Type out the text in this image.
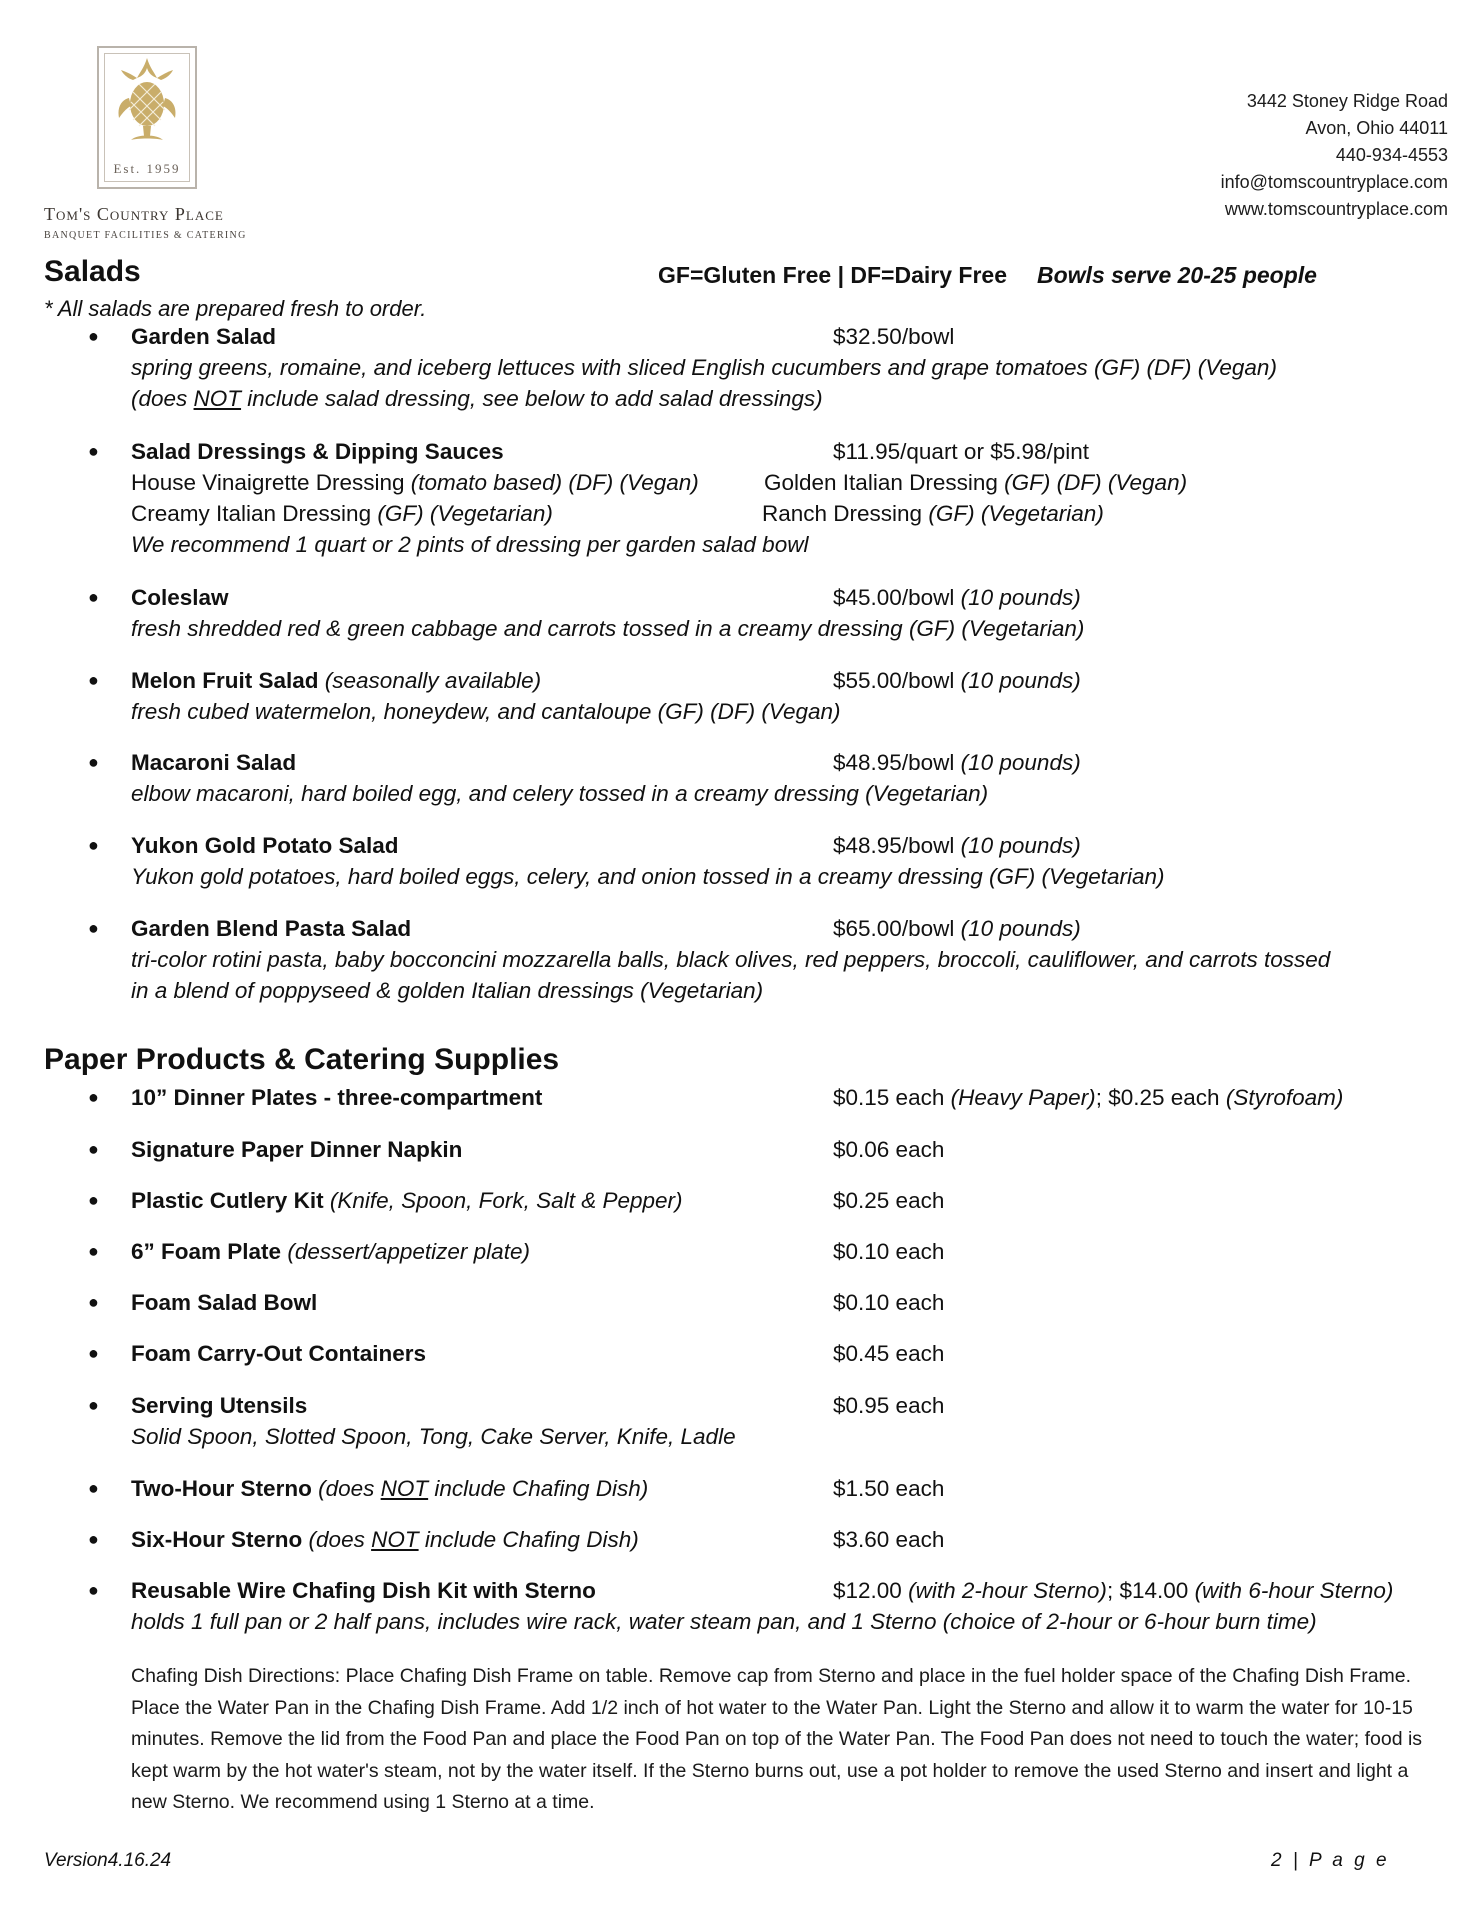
Est. 1959
Tom's Country Place
BANQUET FACILITIES & CATERING
3442 Stoney Ridge Road
Avon, Ohio 44011
440-934-4553
info@tomscountryplace.com
www.tomscountryplace.com
Salads	GF=Gluten Free | DF=Dairy Free Bowls serve 20-25 people
* All salads are prepared fresh to order.
● Garden Salad	$32.50/bowl
spring greens, romaine, and iceberg lettuces with sliced English cucumbers and grape tomatoes (GF) (DF) (Vegan)
(does NOT include salad dressing, see below to add salad dressings)
● Salad Dressings & Dipping Sauces	$11.95/quart or $5.98/pint
House Vinaigrette Dressing (tomato based) (DF) (Vegan)	Golden Italian Dressing (GF) (DF) (Vegan)
Creamy Italian Dressing (GF) (Vegetarian)	Ranch Dressing (GF) (Vegetarian)
We recommend 1 quart or 2 pints of dressing per garden salad bowl
● Coleslaw	$45.00/bowl (10 pounds)
fresh shredded red & green cabbage and carrots tossed in a creamy dressing (GF) (Vegetarian)
● Melon Fruit Salad (seasonally available)	$55.00/bowl (10 pounds)
fresh cubed watermelon, honeydew, and cantaloupe (GF) (DF) (Vegan)
● Macaroni Salad	$48.95/bowl (10 pounds)
elbow macaroni, hard boiled egg, and celery tossed in a creamy dressing (Vegetarian)
● Yukon Gold Potato Salad	$48.95/bowl (10 pounds)
Yukon gold potatoes, hard boiled eggs, celery, and onion tossed in a creamy dressing (GF) (Vegetarian)
● Garden Blend Pasta Salad	$65.00/bowl (10 pounds)
tri-color rotini pasta, baby bocconcini mozzarella balls, black olives, red peppers, broccoli, cauliflower, and carrots tossed
in a blend of poppyseed & golden Italian dressings (Vegetarian)
Paper Products & Catering Supplies
● 10” Dinner Plates - three-compartment	$0.15 each (Heavy Paper); $0.25 each (Styrofoam)
● Signature Paper Dinner Napkin	$0.06 each
● Plastic Cutlery Kit (Knife, Spoon, Fork, Salt & Pepper)	$0.25 each
● 6” Foam Plate (dessert/appetizer plate)	$0.10 each
● Foam Salad Bowl	$0.10 each
● Foam Carry-Out Containers	$0.45 each
● Serving Utensils	$0.95 each
Solid Spoon, Slotted Spoon, Tong, Cake Server, Knife, Ladle
● Two-Hour Sterno (does NOT include Chafing Dish)	$1.50 each
● Six-Hour Sterno (does NOT include Chafing Dish)	$3.60 each
● Reusable Wire Chafing Dish Kit with Sterno	$12.00 (with 2-hour Sterno); $14.00 (with 6-hour Sterno)
holds 1 full pan or 2 half pans, includes wire rack, water steam pan, and 1 Sterno (choice of 2-hour or 6-hour burn time)
Chafing Dish Directions: Place Chafing Dish Frame on table. Remove cap from Sterno and place in the fuel holder space of the Chafing Dish Frame. Place the Water Pan in the Chafing Dish Frame. Add 1/2 inch of hot water to the Water Pan. Light the Sterno and allow it to warm the water for 10-15 minutes. Remove the lid from the Food Pan and place the Food Pan on top of the Water Pan. The Food Pan does not need to touch the water; food is kept warm by the hot water's steam, not by the water itself. If the Sterno burns out, use a pot holder to remove the used Sterno and insert and light a new Sterno. We recommend using 1 Sterno at a time.
Version4.16.24	2 | P a g e
